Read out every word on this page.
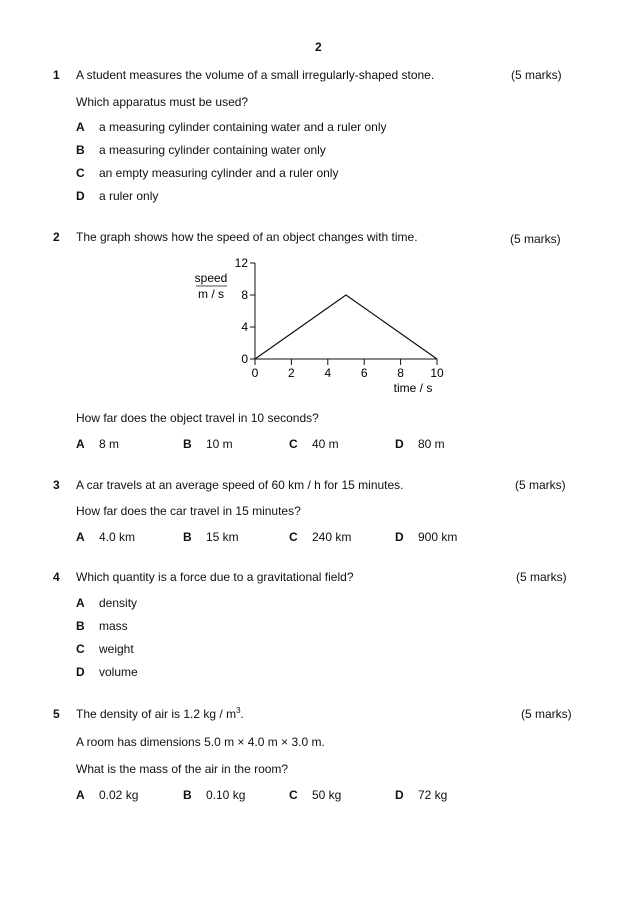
2
1 A student measures the volume of a small irregularly-shaped stone.	(5 marks)
Which apparatus must be used?
A a measuring cylinder containing water and a ruler only
B a measuring cylinder containing water only
C an empty measuring cylinder and a ruler only
D a ruler only
2 The graph shows how the speed of an object changes with time.	(5 marks)
speed
m / s
time / s
0
4
8
12
0 2 4 6 8 10
How far does the object travel in 10 seconds?
A 8 m	B 10 m	C 40 m	D 80 m
3 A car travels at an average speed of 60 km / h for 15 minutes.	(5 marks)
How far does the car travel in 15 minutes?
A 4.0 km	B 15 km	C 240 km	D 900 km
4 Which quantity is a force due to a gravitational field?	(5 marks)
A density
B mass
C weight
D volume
5 The density of air is 1.2 kg / $m^3$.	(5 marks)
A room has dimensions 5.0 m × 4.0 m × 3.0 m.
What is the mass of the air in the room?
A 0.02 kg	B 0.10 kg	C 50 kg	D 72 kg
